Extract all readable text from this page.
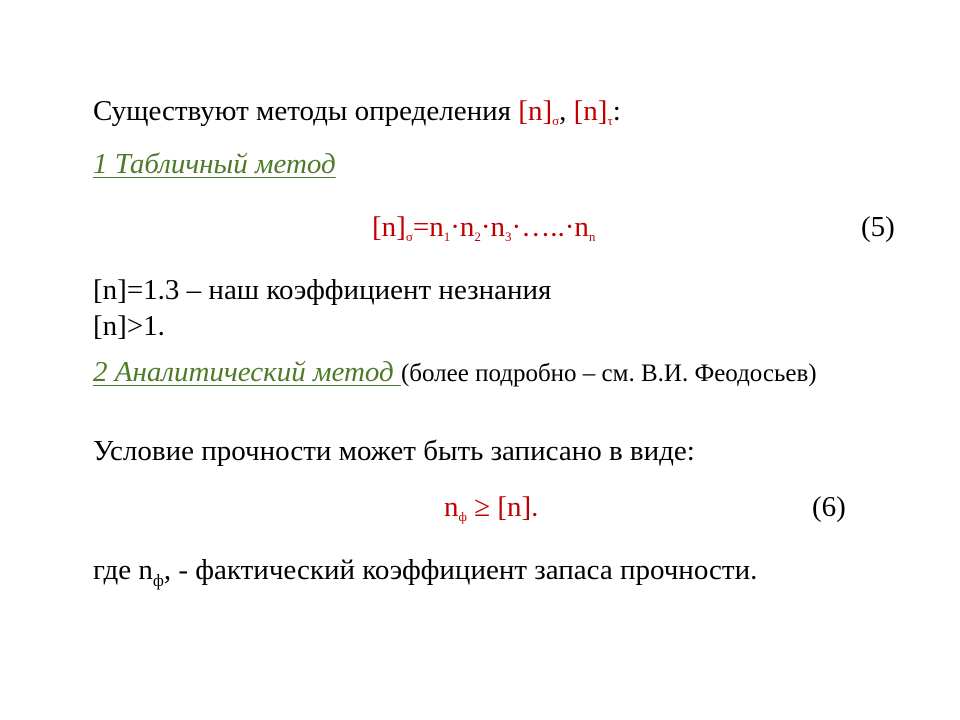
Существуют методы определения $[n]_\sigma$, $[n]_\tau$:
1 Табличный метод
$[n]_\sigma=n_1\cdot n_2\cdot n_3\cdot\dots..\cdot n_n$	(5)
[n]=1.3 – наш коэффициент незнания
[n]>1.
2 Аналитический метод (более подробно – см. В.И. Феодосьев)
Условие прочности может быть записано в виде:
$n_ф \ge [n]$.	(6)
где $n_ф$, - фактический коэффициент запаса прочности.
